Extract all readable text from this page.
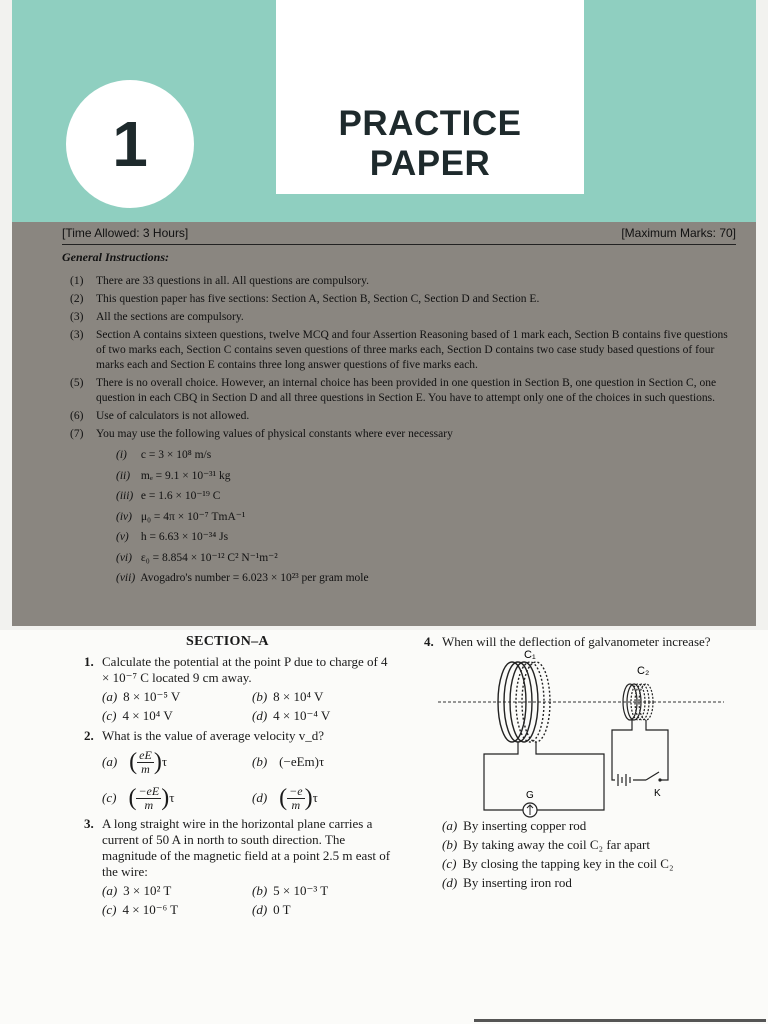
1	PRACTICE PAPER
[Time Allowed: 3 Hours]	[Maximum Marks: 70]
General Instructions:
(1) There are 33 questions in all. All questions are compulsory.
(2) This question paper has five sections: Section A, Section B, Section C, Section D and Section E.
(3) All the sections are compulsory.
(3) Section A contains sixteen questions, twelve MCQ and four Assertion Reasoning based of 1 mark each, Section B contains five questions of two marks each, Section C contains seven questions of three marks each, Section D contains two case study based questions of four marks each and Section E contains three long answer questions of five marks each.
(5) There is no overall choice. However, an internal choice has been provided in one question in Section B, one question in Section C, one question in each CBQ in Section D and all three questions in Section E. You have to attempt only one of the choices in such questions.
(6) Use of calculators is not allowed.
(7) You may use the following values of physical constants where ever necessary
(i) c = 3 × 10⁸ m/s
(ii) mₑ = 9.1 × 10⁻³¹ kg
(iii) e = 1.6 × 10⁻¹⁹ C
(iv) μ₀ = 4π × 10⁻⁷ TmA⁻¹
(v) h = 6.63 × 10⁻³⁴ Js
(vi) ε₀ = 8.854 × 10⁻¹² C² N⁻¹m⁻²
(vii) Avogadro's number = 6.023 × 10²³ per gram mole
SECTION–A
1. Calculate the potential at the point P due to charge of 4 × 10⁻⁷ C located 9 cm away.
(a) 8 × 10⁻⁵ V	(b) 8 × 10⁴ V
(c) 4 × 10⁴ V	(d) 4 × 10⁻⁴ V
2. What is the value of average velocity v_d?
(a) ( $\frac{eE}{m}$ ) τ	(b) (−eEm)τ
(c) ( $\frac{-eE}{m}$ ) τ	(d) ( $\frac{-e}{m}$ ) τ
3. A long straight wire in the horizontal plane carries a current of 50 A in north to south direction. The magnitude of the magnetic field at a point 2.5 m east of the wire:
(a) 3 × 10² T	(b) 5 × 10⁻³ T
(c) 4 × 10⁻⁶ T	(d) 0 T
4. When will the deflection of galvanometer increase?
C₁
G
C₂
K
(a) By inserting copper rod
(b) By taking away the coil C₂ far apart
(c) By closing the tapping key in the coil C₂
(d) By inserting iron rod
